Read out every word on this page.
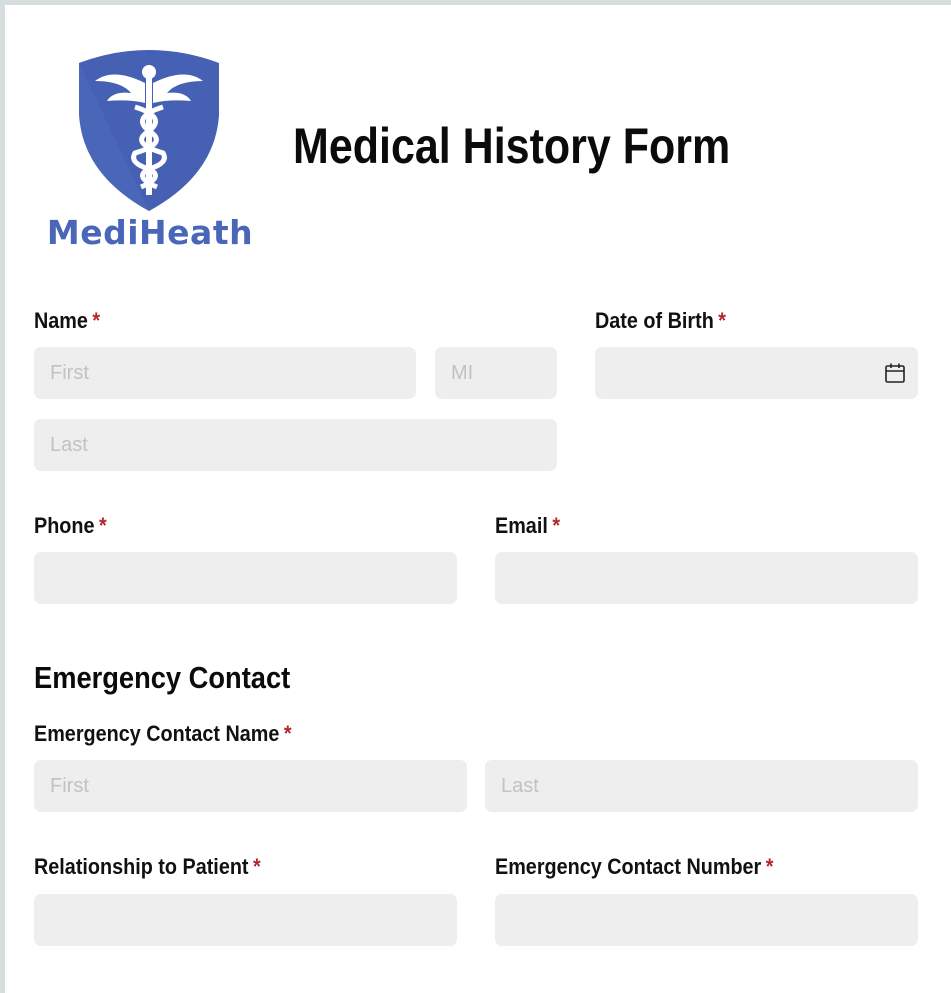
MediHeath
Medical History Form
Name *
First	MI
Last
Date of Birth *
Phone *	Email *
Emergency Contact
Emergency Contact Name *
First	Last
Relationship to Patient *	Emergency Contact Number *
